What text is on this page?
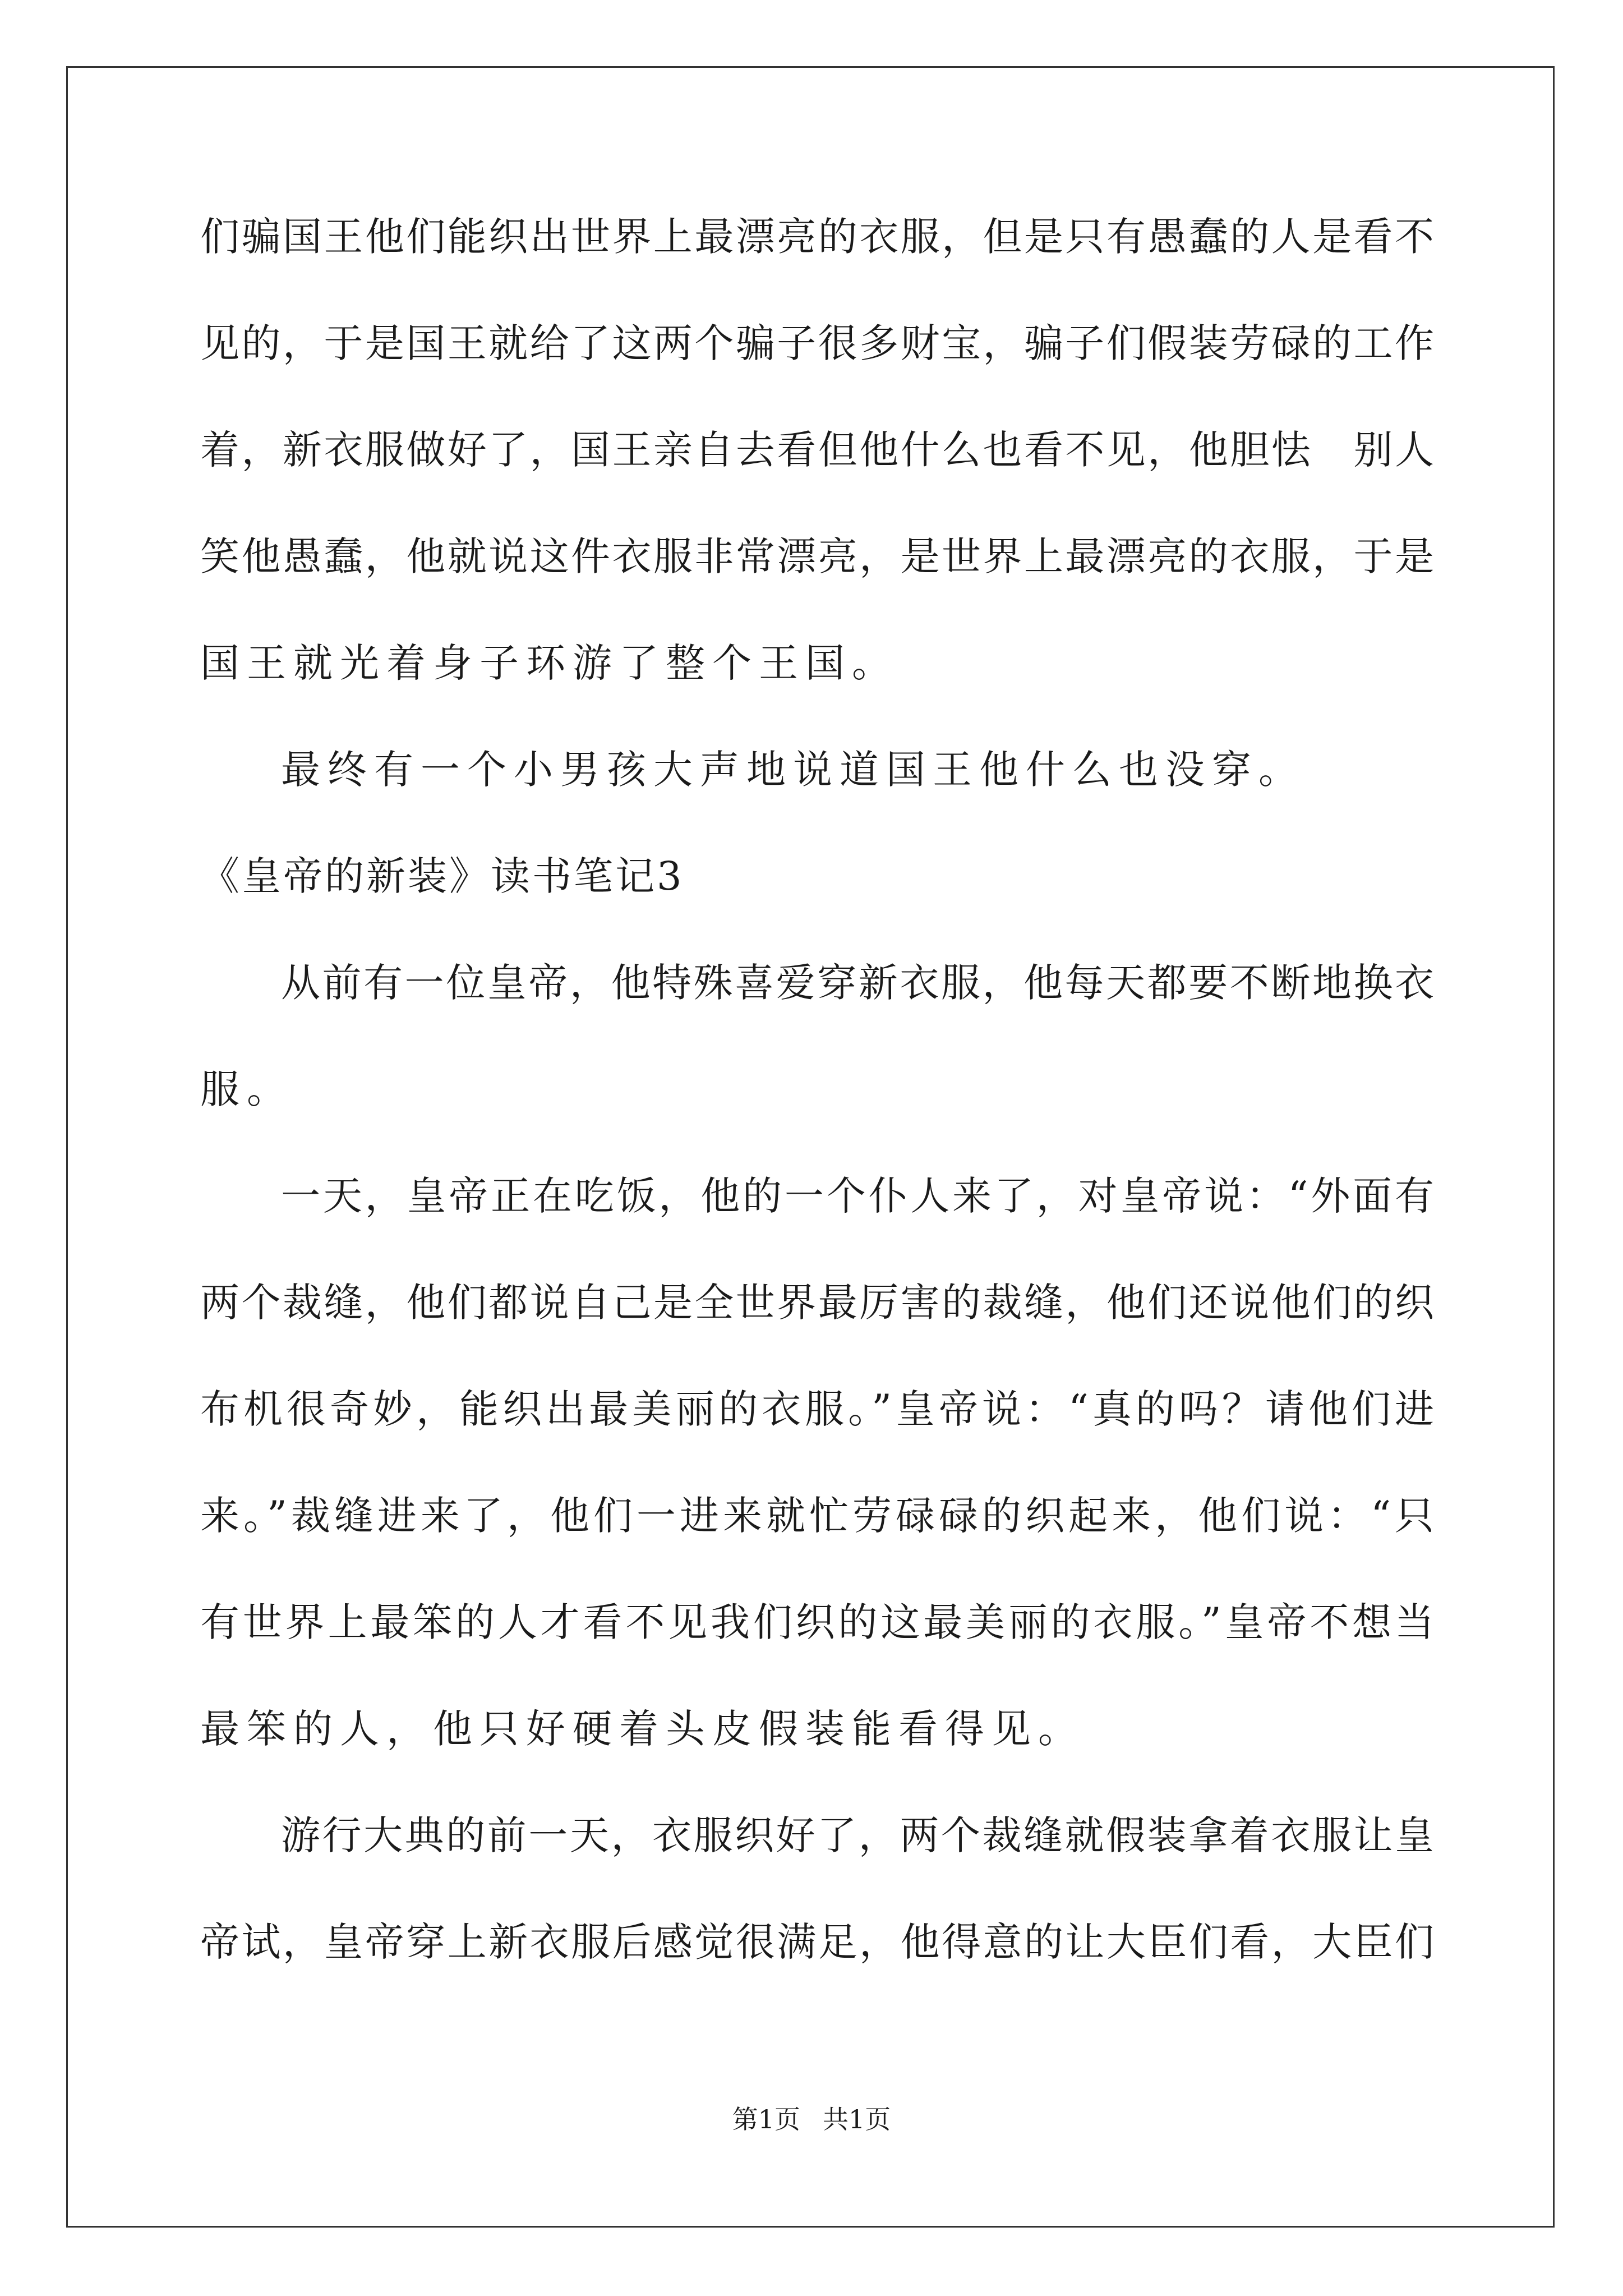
们骗国王他们能织出世界上最漂亮的衣服，但是只有愚蠢的人是看不
见的，于是国王就给了这两个骗子很多财宝，骗子们假装劳碌的工作
着，新衣服做好了，国王亲自去看但他什么也看不见，他胆怯　别人
笑他愚蠢，他就说这件衣服非常漂亮，是世界上最漂亮的衣服，于是
国王就光着身子环游了整个王国。
最终有一个小男孩大声地说道国王他什么也没穿。
《皇帝的新装》读书笔记3
从前有一位皇帝，他特殊喜爱穿新衣服，他每天都要不断地换衣
服。
一天，皇帝正在吃饭，他的一个仆人来了，对皇帝说：“外面有
两个裁缝，他们都说自己是全世界最厉害的裁缝，他们还说他们的织
布机很奇妙，能织出最美丽的衣服。”皇帝说：“真的吗？请他们进
来。”裁缝进来了，他们一进来就忙劳碌碌的织起来，他们说：“只
有世界上最笨的人才看不见我们织的这最美丽的衣服。”皇帝不想当
最笨的人，他只好硬着头皮假装能看得见。
游行大典的前一天，衣服织好了，两个裁缝就假装拿着衣服让皇
帝试，皇帝穿上新衣服后感觉很满足，他得意的让大臣们看，大臣们
第1页 共1页
